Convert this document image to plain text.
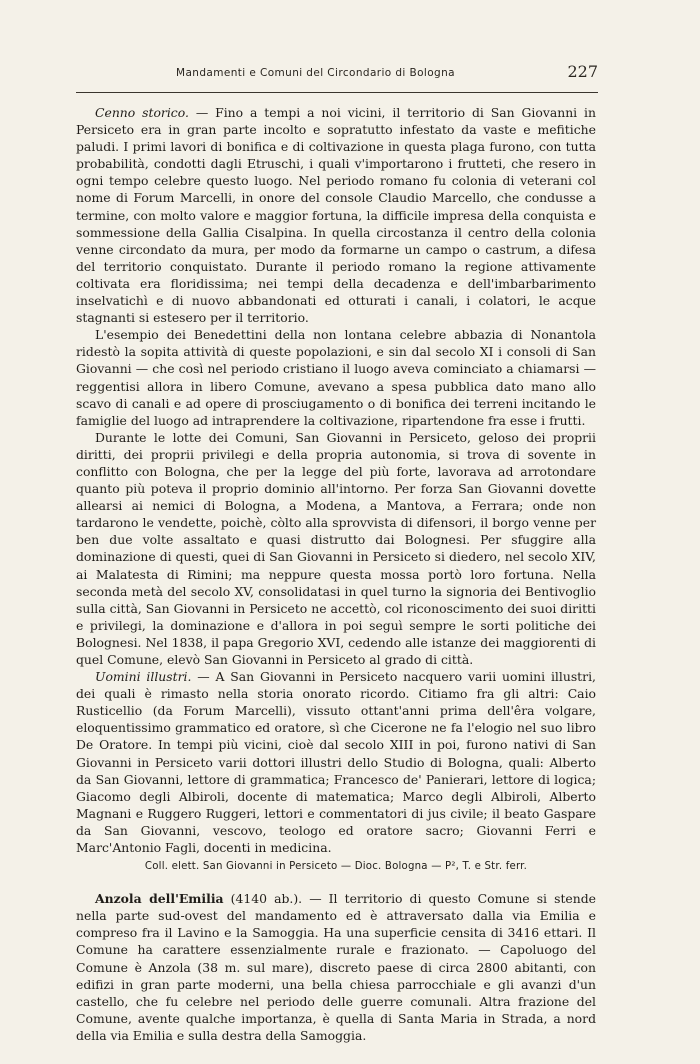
Mandamenti e Comuni del Circondario di Bologna	227

Cenno storico. — Fino a tempi a noi vicini, il territorio di San Giovanni in Persiceto era in gran parte incolto e sopratutto infestato da vaste e mefitiche paludi. I primi lavori di bonifica e di coltivazione in questa plaga furono, con tutta probabilità, condotti dagli Etruschi, i quali v'importarono i frutteti, che resero in ogni tempo celebre questo luogo. Nel periodo romano fu colonia di veterani col nome di Forum Marcelli, in onore del console Claudio Marcello, che condusse a termine, con molto valore e maggior fortuna, la difficile impresa della conquista e sommessione della Gallia Cisalpina. In quella circostanza il centro della colonia venne circondato da mura, per modo da formarne un campo o castrum, a difesa del territorio conquistato. Durante il periodo romano la regione attivamente coltivata era floridissima; nei tempi della decadenza e dell'imbarbarimento inselvatichì e di nuovo abbandonati ed otturati i canali, i colatori, le acque stagnanti si estesero per il territorio.

L'esempio dei Benedettini della non lontana celebre abbazia di Nonantola ridestò la sopita attività di queste popolazioni, e sin dal secolo XI i consoli di San Giovanni — che così nel periodo cristiano il luogo aveva cominciato a chiamarsi — reggentisi allora in libero Comune, avevano a spesa pubblica dato mano allo scavo di canali e ad opere di prosciugamento o di bonifica dei terreni incitando le famiglie del luogo ad intraprendere la coltivazione, ripartendone fra esse i frutti.

Durante le lotte dei Comuni, San Giovanni in Persiceto, geloso dei proprii diritti, dei proprii privilegi e della propria autonomia, si trova di sovente in conflitto con Bologna, che per la legge del più forte, lavorava ad arrotondare quanto più poteva il proprio dominio all'intorno. Per forza San Giovanni dovette allearsi ai nemici di Bologna, a Modena, a Mantova, a Ferrara; onde non tardarono le vendette, poichè, còlto alla sprovvista di difensori, il borgo venne per ben due volte assaltato e quasi distrutto dai Bolognesi. Per sfuggire alla dominazione di questi, quei di San Giovanni in Persiceto si diedero, nel secolo XIV, ai Malatesta di Rimini; ma neppure questa mossa portò loro fortuna. Nella seconda metà del secolo XV, consolidatasi in quel turno la signoria dei Bentivoglio sulla città, San Giovanni in Persiceto ne accettò, col riconoscimento dei suoi diritti e privilegi, la dominazione e d'allora in poi seguì sempre le sorti politiche dei Bolognesi. Nel 1838, il papa Gregorio XVI, cedendo alle istanze dei maggiorenti di quel Comune, elevò San Giovanni in Persiceto al grado di città.

Uomini illustri. — A San Giovanni in Persiceto nacquero varii uomini illustri, dei quali è rimasto nella storia onorato ricordo. Citiamo fra gli altri: Caio Rusticellio (da Forum Marcelli), vissuto ottant'anni prima dell'êra volgare, eloquentissimo grammatico ed oratore, sì che Cicerone ne fa l'elogio nel suo libro De Oratore. In tempi più vicini, cioè dal secolo XIII in poi, furono nativi di San Giovanni in Persiceto varii dottori illustri dello Studio di Bologna, quali: Alberto da San Giovanni, lettore di grammatica; Francesco de' Panierari, lettore di logica; Giacomo degli Albiroli, docente di matematica; Marco degli Albiroli, Alberto Magnani e Ruggero Ruggeri, lettori e commentatori di jus civile; il beato Gaspare da San Giovanni, vescovo, teologo ed oratore sacro; Giovanni Ferri e Marc'Antonio Fagli, docenti in medicina.

Coll. elett. San Giovanni in Persiceto — Dioc. Bologna — P², T. e Str. ferr.

Anzola dell'Emilia (4140 ab.). — Il territorio di questo Comune si stende nella parte sud-ovest del mandamento ed è attraversato dalla via Emilia e compreso fra il Lavino e la Samoggia. Ha una superficie censita di 3416 ettari. Il Comune ha carattere essenzialmente rurale e frazionato. — Capoluogo del Comune è Anzola (38 m. sul mare), discreto paese di circa 2800 abitanti, con edifizi in gran parte moderni, una bella chiesa parrocchiale e gli avanzi d'un castello, che fu celebre nel periodo delle guerre comunali. Altra frazione del Comune, avente qualche importanza, è quella di Santa Maria in Strada, a nord della via Emilia e sulla destra della Samoggia.
